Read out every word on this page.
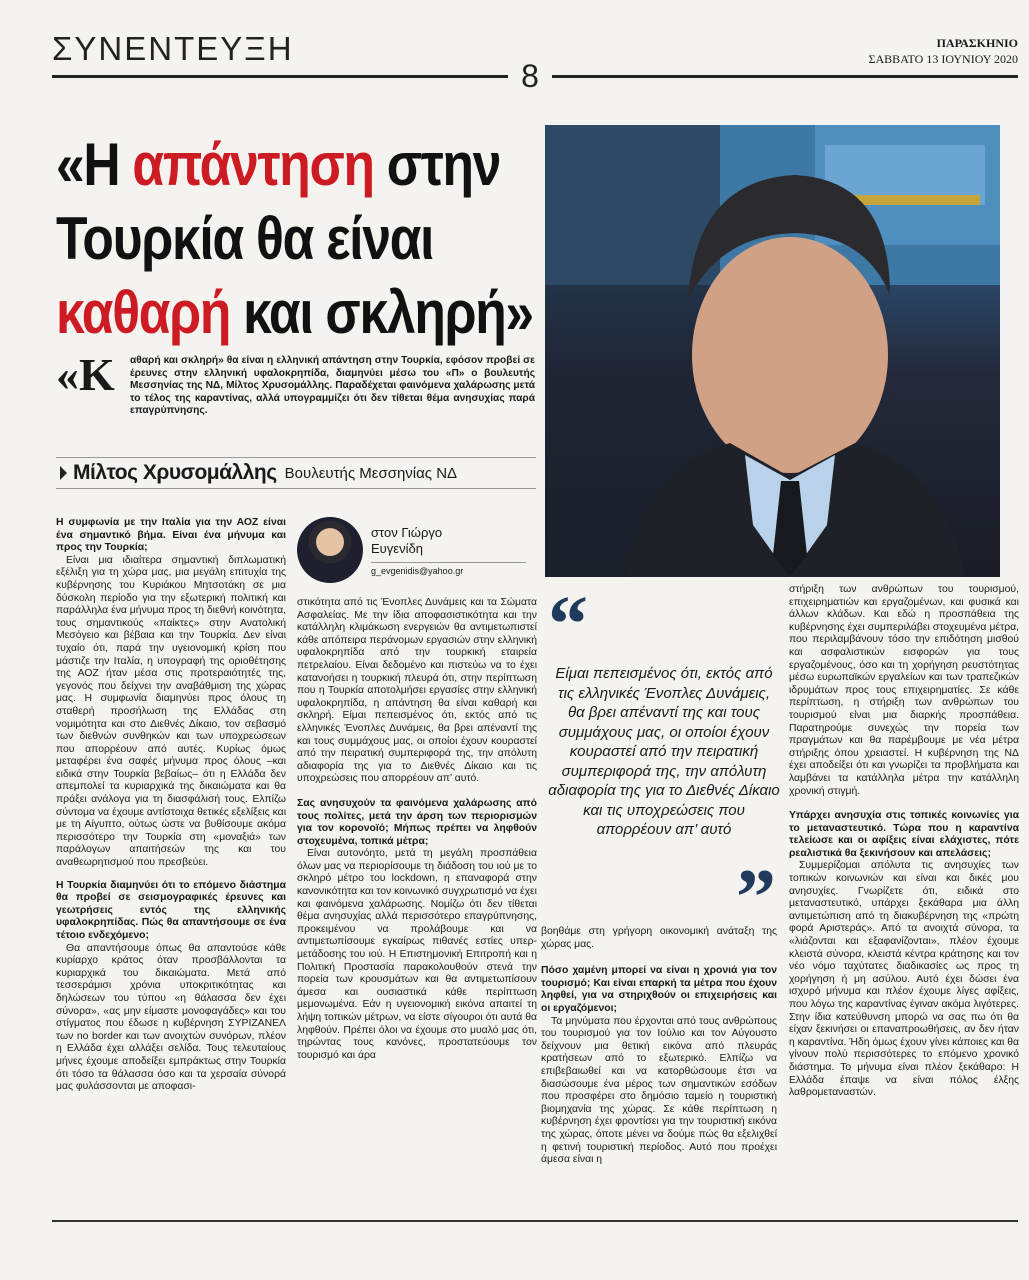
ΣΥΝΕΝΤΕΥΞΗ
8
ΠΑΡΑΣΚΗΝΙΟ
ΣΑΒΒΑΤΟ 13 ΙΟΥΝΙΟΥ 2020
«Η απάντηση στην
Τουρκία θα είναι
καθαρή και σκληρή»
«Κ αθαρή και σκληρή» θα είναι η ελληνική απάντηση στην Τουρκία, εφόσον προβεί σε έρευνες στην ελληνική υφαλοκρηπίδα, διαμηνύει μέσω του «Π» ο βουλευτής Μεσσηνίας της ΝΔ, Μίλτος Χρυσομάλλης. Παραδέχεται φαινόμενα χαλάρωσης μετά το τέλος της καραντίνας, αλλά υπογραμμίζει ότι δεν τίθεται θέμα ανησυχίας παρά επαγρύπνησης.
Μίλτος Χρυσομάλλης Βουλευτής Μεσσηνίας ΝΔ
στον Γιώργο
Ευγενίδη
g_evgenidis@yahoo.gr

Η συμφωνία με την Ιταλία για την ΑΟΖ είναι ένα σημαντικό βήμα. Είναι ένα μήνυμα και προς την Τουρκία;

Είναι μια ιδιαίτερα σημαντική διπλωματική εξέλιξη για τη χώρα μας, μια μεγάλη επιτυχία της κυβέρνησης του Κυριάκου Μητσοτάκη σε μια δύσκολη περίοδο για την εξωτερική πολιτική και παράλληλα ένα μήνυμα προς τη διεθνή κοινότητα, τους σημαντικούς «παίκτες» στην Ανατολική Μεσόγειο και βέβαια και την Τουρκία. Δεν είναι τυχαίο ότι, παρά την υγειονομική κρίση που μάστιζε την Ιταλία, η υπογραφή της οριοθέτησης της ΑΟΖ ήταν μέσα στις προτεραιότητές της, γεγονός που δείχνει την αναβάθμιση της χώρας μας. Η συμφωνία διαμηνύει προς όλους τη σταθερή προσήλωση της Ελλάδας στη νομιμότητα και στο Διεθνές Δίκαιο, τον σεβασμό των διεθνών συνθηκών και των υποχρεώσεων που απορρέουν από αυτές. Κυρίως όμως μεταφέρει ένα σαφές μήνυμα προς όλους –και ειδικά στην Τουρκία βεβαίως– ότι η Ελλάδα δεν απεμπολεί τα κυριαρχικά της δικαιώματα και θα πράξει ανάλογα για τη διασφάλισή τους. Ελπίζω σύντομα να έχουμε αντίστοιχα θετικές εξελίξεις και με τη Αίγυπτο, ούτως ώστε να βυθίσουμε ακόμα περισσότερο την Τουρκία στη «μοναξιά» των παράλογων απαιτήσεών της και του αναθεωρητισμού που πρεσβεύει.

Η Τουρκία διαμηνύει ότι το επόμενο διάστημα θα προβεί σε σεισμογραφικές έρευνες και γεωτρήσεις εντός της ελληνικής υφαλοκρηπίδας. Πώς θα απαντήσουμε σε ένα τέτοιο ενδεχόμενο;

Θα απαντήσουμε όπως θα απαντούσε κάθε κυρίαρχο κράτος όταν προσβάλλονται τα κυριαρχικά του δικαιώματα. Μετά από τεσσεράμισι χρόνια υποκριτικότητας και δηλώσεων του τύπου «η θάλασσα δεν έχει σύνορα», «ας μην είμαστε μονοφαγάδες» και του στίγματος που έδωσε η κυβέρνηση ΣΥΡΙΖΑΝΕΛ των no border και των ανοιχτών συνόρων, πλέον η Ελλάδα έχει αλλάξει σελίδα. Τους τελευταίους μήνες έχουμε αποδείξει εμπράκτως στην Τουρκία ότι τόσο τα θάλασσα όσο και τα χερσαία σύνορά μας φυλάσσονται με αποφασι-

στικότητα από τις Ένοπλες Δυνάμεις και τα Σώματα Ασφαλείας. Με την ίδια αποφασιστικότητα και την κατάλληλη κλιμάκωση ενεργειών θα αντιμετωπιστεί κάθε απόπειρα περάνομων εργασιών στην ελληνική υφαλοκρηπίδα από την τουρκική εταιρεία πετρελαίου. Είναι δεδομένο και πιστεύω να το έχει κατανοήσει η τουρκική πλευρά ότι, στην περίπτωση που η Τουρκία αποτολμήσει εργασίες στην ελληνική υφαλοκρηπίδα, η απάντηση θα είναι καθαρή και σκληρή. Είμαι πεπεισμένος ότι, εκτός από τις ελληνικές Ένοπλες Δυνάμεις, θα βρει απέναντί της και τους συμμάχους μας, οι οποίοι έχουν κουραστεί από την πειρατική συμπεριφορά της, την απόλυτη αδιαφορία της για το Διεθνές Δίκαιο και τις υποχρεώσεις που απορρέουν απ’ αυτό.

Σας ανησυχούν τα φαινόμενα χαλάρωσης από τους πολίτες, μετά την άρση των περιορισμών για τον κορονοϊό; Μήπως πρέπει να ληφθούν στοχευμένα, τοπικά μέτρα;

Είναι αυτονόητο, μετά τη μεγάλη προσπάθεια όλων μας να περιορίσουμε τη διάδοση του ιού με το σκληρό μέτρο του lockdown, η επαναφορά στην κανονικότητα και τον κοινωνικό συγχρωτισμό να έχει και φαινόμενα χαλάρωσης. Νομίζω ότι δεν τίθεται θέμα ανησυχίας αλλά περισσότερο επαγρύπνησης, προκειμένου να προλάβουμε και να αντιμετωπίσουμε εγκαίρως πιθανές εστίες υπερ-μετάδοσης του ιού. Η Επιστημονική Επιτροπή και η Πολιτική Προστασία παρακολουθούν στενά την πορεία των κρουσμάτων και θα αντιμετωπίσουν άμεσα και ουσιαστικά κάθε περίπτωση μεμονωμένα. Εάν η υγειονομική εικόνα απαιτεί τη λήψη τοπικών μέτρων, να είστε σίγουροι ότι αυτά θα ληφθούν. Πρέπει όλοι να έχουμε στο μυαλό μας ότι, τηρώντας τους κανόνες, προστατεύουμε τον τουρισμό και άρα

“
Είμαι πεπεισμένος ότι, εκτός από τις ελληνικές Ένοπλες Δυνάμεις, θα βρει απέναντί της και τους συμμάχους μας, οι οποίοι έχουν κουραστεί από την πειρατική συμπεριφορά της, την απόλυτη αδιαφορία της για το Διεθνές Δίκαιο και τις υποχρεώσεις που απορρέουν απ’ αυτό
”

βοηθάμε στη γρήγορη οικονομική ανάταξη της χώρας μας.

Πόσο χαμένη μπορεί να είναι η χρονιά για τον τουρισμό; Και είναι επαρκή τα μέτρα που έχουν ληφθεί, για να στηριχθούν οι επιχειρήσεις και οι εργαζόμενοι;

Τα μηνύματα που έρχονται από τους ανθρώπους του τουρισμού για τον Ιούλιο και τον Αύγουστο δείχνουν μια θετική εικόνα από πλευράς κρατήσεων από το εξωτερικό. Ελπίζω να επιβεβαιωθεί και να κατορθώσουμε έτσι να διασώσουμε ένα μέρος των σημαντικών εσόδων που προσφέρει στο δημόσιο ταμείο η τουριστική βιομηχανία της χώρας. Σε κάθε περίπτωση η κυβέρνηση έχει φροντίσει για την τουριστική εικόνα της χώρας, όποτε μένει να δούμε πώς θα εξελιχθεί η φετινή τουριστική περίοδος. Αυτό που προέχει άμεσα είναι η

στήριξη των ανθρώπων του τουρισμού, επιχειρηματιών και εργαζομένων, και φυσικά και άλλων κλάδων. Και εδώ η προσπάθεια της κυβέρνησης έχει συμπεριλάβει στοχευμένα μέτρα, που περιλαμβάνουν τόσο την επιδότηση μισθού και ασφαλιστικών εισφορών για τους εργαζομένους, όσο και τη χορήγηση ρευστότητας μέσω ευρωπαϊκών εργαλείων και των τραπεζικών ιδρυμάτων προς τους επιχειρηματίες. Σε κάθε περίπτωση, η στήριξη των ανθρώπων του τουρισμού είναι μια διαρκής προσπάθεια. Παρατηρούμε συνεχώς την πορεία των πραγμάτων και θα παρέμβουμε με νέα μέτρα στήριξης όπου χρειαστεί. Η κυβέρνηση της ΝΔ έχει αποδείξει ότι και γνωρίζει τα προβλήματα και λαμβάνει τα κατάλληλα μέτρα την κατάλληλη χρονική στιγμή.

Υπάρχει ανησυχία στις τοπικές κοινωνίες για το μεταναστευτικό. Τώρα που η καραντίνα τελείωσε και οι αφίξεις είναι ελάχιστες, πότε ρεαλιστικά θα ξεκινήσουν και απελάσεις;

Συμμερίζομαι απόλυτα τις ανησυχίες των τοπικών κοινωνιών και είναι και δικές μου ανησυχίες. Γνωρίζετε ότι, ειδικά στο μεταναστευτικό, υπάρχει ξεκάθαρα μια άλλη αντιμετώπιση από τη διακυβέρνηση της «πρώτη φορά Αριστεράς». Από τα ανοιχτά σύνορα, τα «λιάζονται και εξαφανίζονται», πλέον έχουμε κλειστά σύνορα, κλειστά κέντρα κράτησης και τον νέο νόμο ταχύτατες διαδικασίες ως προς τη χορήγηση ή μη ασύλου. Αυτό έχει δώσει ένα ισχυρό μήνυμα και πλέον έχουμε λίγες αφίξεις, που λόγω της καραντίνας έγιναν ακόμα λιγότερες. Στην ίδια κατεύθυνση μπορώ να σας πω ότι θα είχαν ξεκινήσει οι επαναπροωθήσεις, αν δεν ήταν η καραντίνα. Ήδη όμως έχουν γίνει κάποιες και θα γίνουν πολύ περισσότερες το επόμενο χρονικό διάστημα. Το μήνυμα είναι πλέον ξεκάθαρο: Η Ελλάδα έπαψε να είναι πόλος έλξης λαθρομεταναστών.
